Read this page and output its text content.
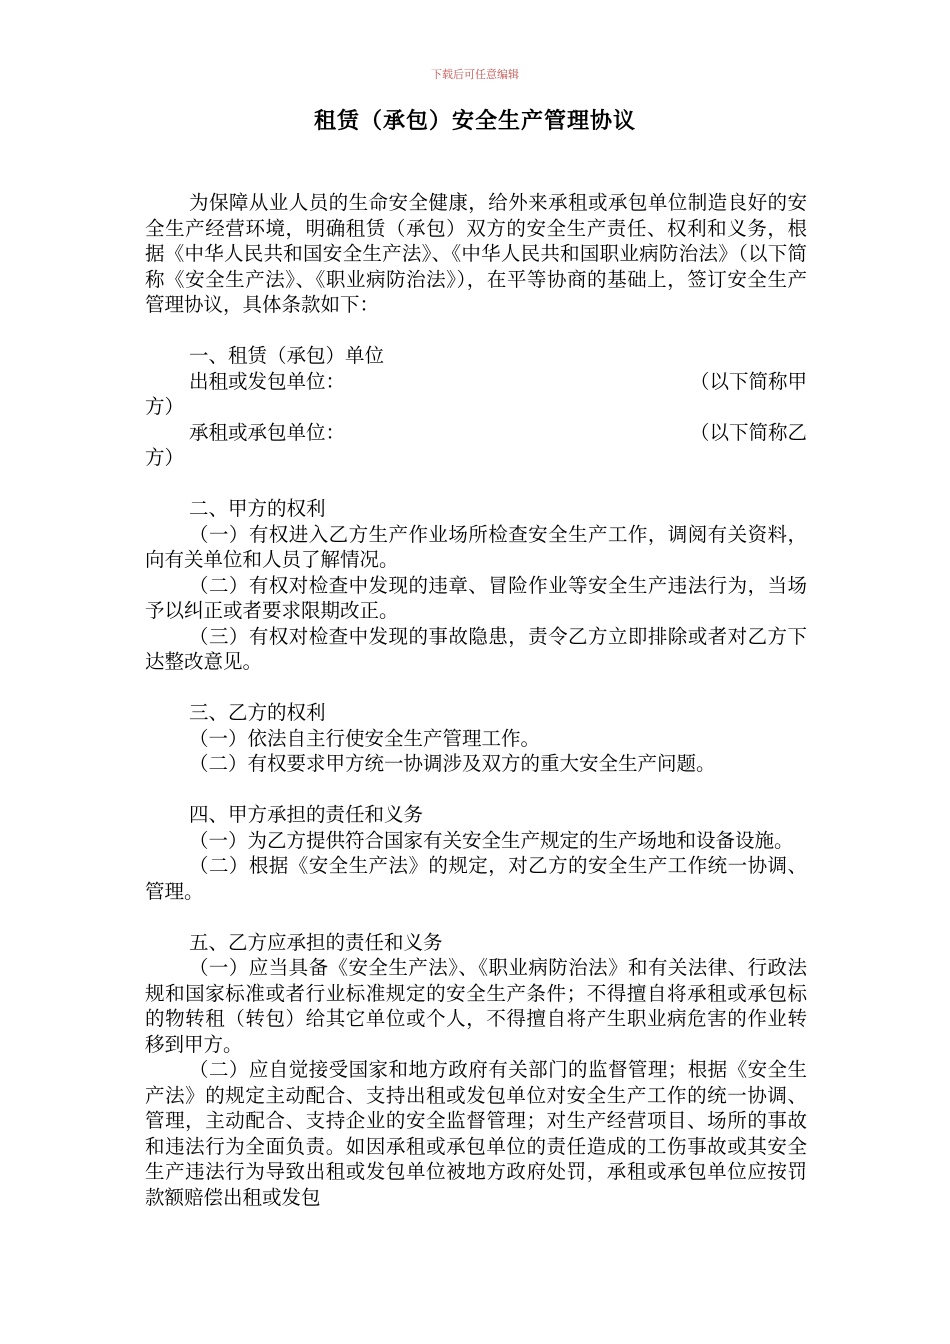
下载后可任意编辑
租赁（承包）安全生产管理协议

为保障从业人员的生命安全健康，给外来承租或承包单位制造良好的安全生产经营环境，明确租赁（承包）双方的安全生产责任、权利和义务，根据《中华人民共和国安全生产法》、《中华人民共和国职业病防治法》（以下简称《安全生产法》、《职业病防治法》），在平等协商的基础上，签订安全生产管理协议，具体条款如下：

一、租赁（承包）单位

出租或发包单位：	（以下简称甲

方）

承租或承包单位：	（以下简称乙

方）

二、甲方的权利

（一）有权进入乙方生产作业场所检查安全生产工作，调阅有关资料，向有关单位和人员了解情况。

（二）有权对检查中发现的违章、冒险作业等安全生产违法行为，当场予以纠正或者要求限期改正。

（三）有权对检查中发现的事故隐患，责令乙方立即排除或者对乙方下达整改意见。

三、乙方的权利

（一）依法自主行使安全生产管理工作。

（二）有权要求甲方统一协调涉及双方的重大安全生产问题。

四、甲方承担的责任和义务

（一）为乙方提供符合国家有关安全生产规定的生产场地和设备设施。

（二）根据《安全生产法》的规定，对乙方的安全生产工作统一协调、管理。

五、乙方应承担的责任和义务

（一）应当具备《安全生产法》、《职业病防治法》和有关法律、行政法规和国家标准或者行业标准规定的安全生产条件；不得擅自将承租或承包标的物转租（转包）给其它单位或个人，不得擅自将产生职业病危害的作业转移到甲方。

（二）应自觉接受国家和地方政府有关部门的监督管理；根据《安全生产法》的规定主动配合、支持出租或发包单位对安全生产工作的统一协调、管理，主动配合、支持企业的安全监督管理；对生产经营项目、场所的事故和违法行为全面负责。如因承租或承包单位的责任造成的工伤事故或其安全生产违法行为导致出租或发包单位被地方政府处罚，承租或承包单位应按罚款额赔偿出租或发包
